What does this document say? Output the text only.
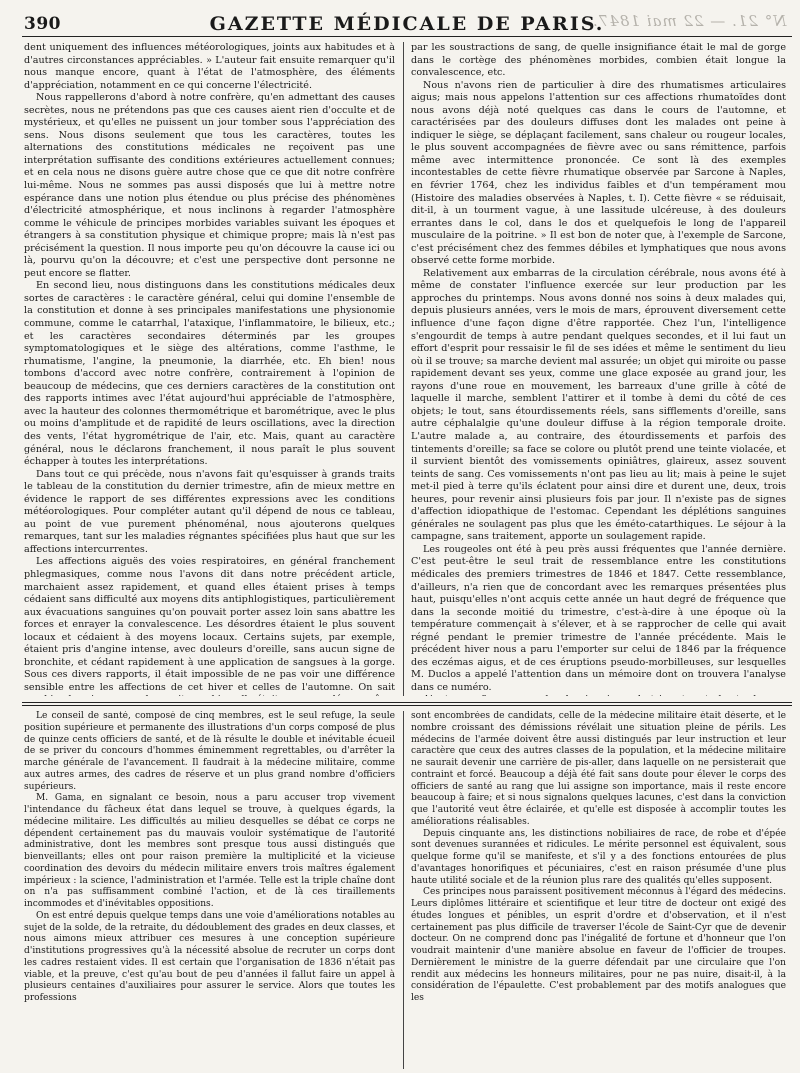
390	GAZETTE MÉDICALE DE PARIS.
N° 21. — 22 mai 1847.

dent uniquement des influences météorologiques, joints aux habitudes et à d'autres circonstances appréciables. » L'auteur fait ensuite remarquer qu'il nous manque encore, quant à l'état de l'atmosphère, des éléments d'appréciation, notamment en ce qui concerne l'électricité.

Nous rappellerons d'abord à notre confrère, qu'en admettant des causes secrètes, nous ne prétendons pas que ces causes aient rien d'occulte et de mystérieux, et qu'elles ne puissent un jour tomber sous l'appréciation des sens. Nous disons seulement que tous les caractères, toutes les alternations des constitutions médicales ne reçoivent pas une interprétation suffisante des conditions extérieures actuellement connues; et en cela nous ne disons guère autre chose que ce que dit notre confrère lui-même. Nous ne sommes pas aussi disposés que lui à mettre notre espérance dans une notion plus étendue ou plus précise des phénomènes d'électricité atmosphérique, et nous inclinons à regarder l'atmosphère comme le véhicule de principes morbides variables suivant les époques et étrangers à sa constitution physique et chimique propre; mais là n'est pas précisément la question. Il nous importe peu qu'on découvre la cause ici ou là, pourvu qu'on la découvre; et c'est une perspective dont personne ne peut encore se flatter.

En second lieu, nous distinguons dans les constitutions médicales deux sortes de caractères : le caractère général, celui qui domine l'ensemble de la constitution et donne à ses principales manifestations une physionomie commune, comme le catarrhal, l'ataxique, l'inflammatoire, le bilieux, etc.; et les caractères secondaires déterminés par les groupes symptomatologiques et le siège des altérations, comme l'asthme, le rhumatisme, l'angine, la pneumonie, la diarrhée, etc. Eh bien! nous tombons d'accord avec notre confrère, contrairement à l'opinion de beaucoup de médecins, que ces derniers caractères de la constitution ont des rapports intimes avec l'état aujourd'hui appréciable de l'atmosphère, avec la hauteur des colonnes thermométrique et barométrique, avec le plus ou moins d'amplitude et de rapidité de leurs oscillations, avec la direction des vents, l'état hygrométrique de l'air, etc. Mais, quant au caractère général, nous le déclarons franchement, il nous paraît le plus souvent échapper à toutes les interprétations.

Dans tout ce qui précède, nous n'avons fait qu'esquisser à grands traits le tableau de la constitution du dernier trimestre, afin de mieux mettre en évidence le rapport de ses différentes expressions avec les conditions météorologiques. Pour compléter autant qu'il dépend de nous ce tableau, au point de vue purement phénoménal, nous ajouterons quelques remarques, tant sur les maladies régnantes spécifiées plus haut que sur les affections intercurrentes.

Les affections aiguës des voies respiratoires, en général franchement phlegmasiques, comme nous l'avons dit dans notre précédent article, marchaient assez rapidement, et quand elles étaient prises à temps cédaient sans difficulté aux moyens dits antiphlogistiques, particulièrement aux évacuations sanguines qu'on pouvait porter assez loin sans abattre les forces et enrayer la convalescence. Les désordres étaient le plus souvent locaux et cédaient à des moyens locaux. Certains sujets, par exemple, étaient pris d'angine intense, avec douleurs d'oreille, sans aucun signe de bronchite, et cédant rapidement à une application de sangsues à la gorge. Sous ces divers rapports, il était impossible de ne pas voir une différence sensible entre les affections de cet hiver et celles de l'automne. On sait

par les soustractions de sang, de quelle insignifiance était le mal de gorge dans le cortège des phénomènes morbides, combien était longue la convalescence, etc.

Nous n'avons rien de particulier à dire des rhumatismes articulaires aigus; mais nous appelons l'attention sur ces affections rhumatoïdes dont nous avons déjà noté quelques cas dans le cours de l'automne, et caractérisées par des douleurs diffuses dont les malades ont peine à indiquer le siège, se déplaçant facilement, sans chaleur ou rougeur locales, le plus souvent accompagnées de fièvre avec ou sans rémittence, parfois même avec intermittence prononcée. Ce sont là des exemples incontestables de cette fièvre rhumatique observée par Sarcone à Naples, en février 1764, chez les individus faibles et d'un tempérament mou (Histoire des maladies observées à Naples, t. I). Cette fièvre « se réduisait, dit-il, à un tourment vague, à une lassitude ulcéreuse, à des douleurs errantes dans le col, dans le dos et quelquefois le long de l'appareil musculaire de la poitrine. » Il est bon de noter que, à l'exemple de Sarcone, c'est précisément chez des femmes débiles et lymphatiques que nous avons observé cette forme morbide.

Relativement aux embarras de la circulation cérébrale, nous avons été à même de constater l'influence exercée sur leur production par les approches du printemps. Nous avons donné nos soins à deux malades qui, depuis plusieurs années, vers le mois de mars, éprouvent diversement cette influence d'une façon digne d'être rapportée. Chez l'un, l'intelligence s'engourdit de temps à autre pendant quelques secondes, et il lui faut un effort d'esprit pour ressaisir le fil de ses idées et même le sentiment du lieu où il se trouve; sa marche devient mal assurée; un objet qui miroite ou passe rapidement devant ses yeux, comme une glace exposée au grand jour, les rayons d'une roue en mouvement, les barreaux d'une grille à côté de laquelle il marche, semblent l'attirer et il tombe à demi du côté de ces objets; le tout, sans étourdissements réels, sans sifflements d'oreille, sans autre céphalalgie qu'une douleur diffuse à la région temporale droite. L'autre malade a, au contraire, des étourdissements et parfois des tintements d'oreille; sa face se colore ou plutôt prend une teinte violacée, et il survient bientôt des vomissements opiniâtres, glaireux, assez souvent teints de sang. Ces vomissements n'ont pas lieu au lit; mais à peine le sujet met-il pied à terre qu'ils éclatent pour ainsi dire et durent une, deux, trois heures, pour revenir ainsi plusieurs fois par jour. Il n'existe pas de signes d'affection idiopathique de l'estomac. Cependant les déplétions sanguines générales ne soulagent pas plus que les éméto-catarthiques. Le séjour à la campagne, sans traitement, apporte un soulagement rapide.

Les rougeoles ont été à peu près aussi fréquentes que l'année dernière. C'est peut-être le seul trait de ressemblance entre les constitutions médicales des premiers trimestres de 1846 et 1847. Cette ressemblance, d'ailleurs, n'a rien que de concordant avec les remarques présentées plus haut, puisqu'elles n'ont acquis cette année un haut degré de fréquence que dans la seconde moitié du trimestre, c'est-à-dire à une époque où la température commençait à s'élever, et à se rapprocher de celle qui avait régné pendant le premier trimestre de l'année précédente. Mais le précédent hiver nous a paru l'emporter sur celui de 1846 par la fréquence des eczémas aigus, et de ces éruptions pseudo-morbilleuses, sur lesquelles M. Duclos a appelé l'attention dans un mémoire dont on trouvera l'analyse dans ce numéro.

Le conseil de santé, composé de cinq membres, est le seul refuge, la seule position supérieure et permanente des illustrations d'un corps composé de plus de quinze cents officiers de santé, et de là résulte le double et inévitable écueil de se priver du concours d'hommes éminemment regrettables, ou d'arrêter la marche générale de l'avancement. Il faudrait à la médecine militaire, comme aux autres armes, des cadres de réserve et un plus grand nombre d'officiers supérieurs.

M. Gama, en signalant ce besoin, nous a paru accuser trop vivement l'intendance du fâcheux état dans lequel se trouve, à quelques égards, la médecine militaire. Les difficultés au milieu desquelles se débat ce corps ne dépendent certainement pas du mauvais vouloir systématique de l'autorité administrative, dont les membres sont presque tous aussi distingués que bienveillants; elles ont pour raison première la multiplicité et la vicieuse coordination des devoirs du médecin militaire envers trois maîtres également impérieux : la science, l'administration et l'armée. Telle est la triple chaîne dont on n'a pas suffisamment combiné l'action, et de là ces tiraillements incommodes et d'inévitables oppositions.

On est entré depuis quelque temps dans une voie d'améliorations notables au sujet de la solde, de la retraite, du dédoublement des grades en deux classes, et nous aimons mieux attribuer ces mesures à une conception supérieure d'institutions progressives qu'à la nécessité absolue de recruter un corps dont les cadres restaient vides. Il est certain que l'organisation de 1836 n'était pas viable, et la preuve, c'est qu'au bout de peu d'années il fallut faire un appel à plusieurs centaines d'auxiliaires pour assurer le service. Alors que toutes les professions

sont encombrées de candidats, celle de la médecine militaire était déserte, et le nombre croissant des démissions révélait une situation pleine de périls. Les médecins de l'armée doivent être aussi distingués par leur instruction et leur caractère que ceux des autres classes de la population, et la médecine militaire ne saurait devenir une carrière de pis-aller, dans laquelle on ne persisterait que contraint et forcé. Beaucoup a déjà été fait sans doute pour élever le corps des officiers de santé au rang que lui assigne son importance, mais il reste encore beaucoup à faire; et si nous signalons quelques lacunes, c'est dans la conviction que l'autorité veut être éclairée, et qu'elle est disposée à accomplir toutes les améliorations réalisables.

Depuis cinquante ans, les distinctions nobiliaires de race, de robe et d'épée sont devenues surannées et ridicules. Le mérite personnel est équivalent, sous quelque forme qu'il se manifeste, et s'il y a des fonctions entourées de plus d'avantages honorifiques et pécuniaires, c'est en raison présumée d'une plus haute utilité sociale et de la réunion plus rare des qualités qu'elles supposent.

Ces principes nous paraissent positivement méconnus à l'égard des médecins. Leurs diplômes littéraire et scientifique et leur titre de docteur ont exigé des études longues et pénibles, un esprit d'ordre et d'observation, et il n'est certainement pas plus difficile de traverser l'école de Saint-Cyr que de devenir docteur. On ne comprend donc pas l'inégalité de fortune et d'honneur que l'on voudrait maintenir d'une manière absolue en faveur de l'officier de troupes. Dernièrement le ministre de la guerre défendait par une circulaire que l'on rendit aux médecins les honneurs militaires, pour ne pas nuire, disait-il, à la considération de l'épaulette. C'est probablement par des motifs analogues que les
